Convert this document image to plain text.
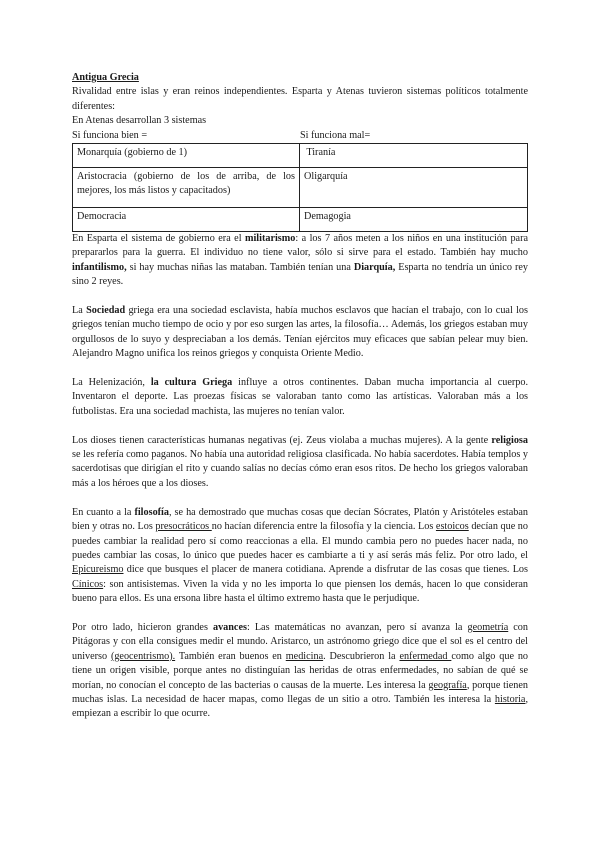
Antigua Grecia

Rivalidad entre islas y eran reinos independientes. Esparta y Atenas tuvieron sistemas políticos totalmente diferentes:

En Atenas desarrollan 3 sistemas

Si funciona bien =	Si funciona mal=
Monarquía (gobierno de 1)	Tiranía
Aristocracia (gobierno de los de arriba, de los mejores, los más listos y capacitados)	Oligarquía
Democracia	Demagogia

En Esparta el sistema de gobierno era el militarismo: a los 7 años meten a los niños en una institución para prepararlos para la guerra. El individuo no tiene valor, sólo si sirve para el estado. También hay mucho infantilismo, si hay muchas niñas las mataban. También tenían una Diarquía, Esparta no tendría un único rey sino 2 reyes.

La Sociedad griega era una sociedad esclavista, había muchos esclavos que hacían el trabajo, con lo cual los griegos tenían mucho tiempo de ocio y por eso surgen las artes, la filosofía… Además, los griegos estaban muy orgullosos de lo suyo y despreciaban a los demás. Tenían ejércitos muy eficaces que sabían pelear muy bien. Alejandro Magno unifica los reinos griegos y conquista Oriente Medio.

La Helenización, la cultura Griega influye a otros continentes. Daban mucha importancia al cuerpo. Inventaron el deporte. Las proezas físicas se valoraban tanto como las artísticas. Valoraban más a los futbolistas. Era una sociedad machista, las mujeres no tenían valor.

Los dioses tienen características humanas negativas (ej. Zeus violaba a muchas mujeres). A la gente religiosa se les refería como paganos. No había una autoridad religiosa clasificada. No había sacerdotes. Había templos y sacerdotisas que dirigían el rito y cuando salías no decías cómo eran esos ritos. De hecho los griegos valoraban más a los héroes que a los dioses.

En cuanto a la filosofía, se ha demostrado que muchas cosas que decían Sócrates, Platón y Aristóteles estaban bien y otras no. Los presocráticos no hacían diferencia entre la filosofía y la ciencia. Los estoicos decían que no puedes cambiar la realidad pero sí como reaccionas a ella. El mundo cambia pero no puedes hacer nada, no puedes cambiar las cosas, lo único que puedes hacer es cambiarte a ti y así serás más feliz. Por otro lado, el Epicureismo dice que busques el placer de manera cotidiana. Aprende a disfrutar de las cosas que tienes. Los Cínicos: son antisistemas. Viven la vida y no les importa lo que piensen los demás, hacen lo que consideran bueno para ellos. Es una ersona libre hasta el último extremo hasta que le perjudique.

Por otro lado, hicieron grandes avances: Las matemáticas no avanzan, pero sí avanza la geometría con Pitágoras y con ella consigues medir el mundo. Aristarco, un astrónomo griego dice que el sol es el centro del universo (geocentrismo). También eran buenos en medicina. Descubrieron la enfermedad como algo que no tiene un origen visible, porque antes no distinguían las heridas de otras enfermedades, no sabían de qué se morían, no conocían el concepto de las bacterias o causas de la muerte. Les interesa la geografía, porque tienen muchas islas. La necesidad de hacer mapas, como llegas de un sitio a otro. También les interesa la historia, empiezan a escribir lo que ocurre.
